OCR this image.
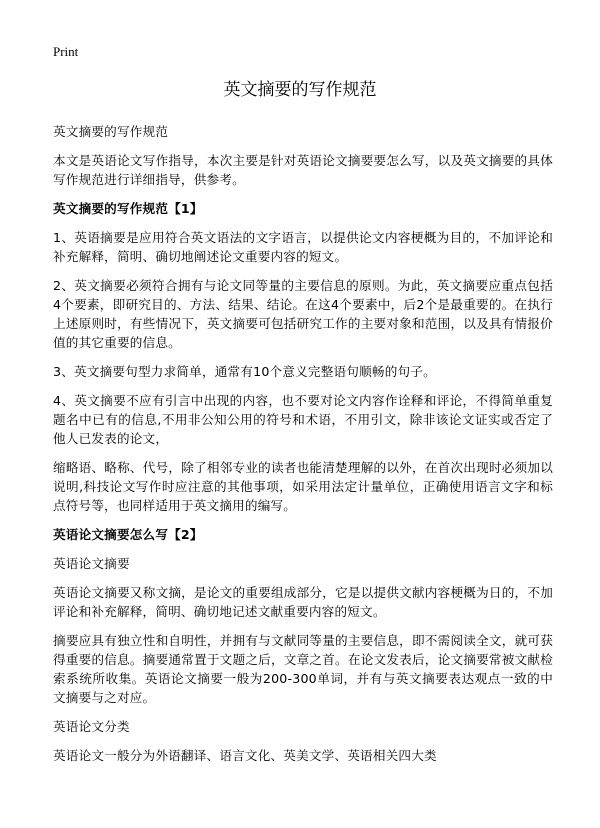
Print
英文摘要的写作规范

英文摘要的写作规范

本文是英语论文写作指导，本次主要是针对英语论文摘要要怎么写，以及英文摘要的具体写作规范进行详细指导，供参考。

英文摘要的写作规范【1】

1、英语摘要是应用符合英文语法的文字语言，以提供论文内容梗概为目的，不加评论和补充解释，简明、确切地阐述论文重要内容的短文。

2、英文摘要必须符合拥有与论文同等量的主要信息的原则。为此，英文摘要应重点包括4个要素，即研究目的、方法、结果、结论。在这4个要素中，后2个是最重要的。在执行上述原则时，有些情况下，英文摘要可包括研究工作的主要对象和范围，以及具有情报价值的其它重要的信息。

3、英文摘要句型力求简单，通常有10个意义完整语句顺畅的句子。

4、英文摘要不应有引言中出现的内容，也不要对论文内容作诠释和评论，不得简单重复题名中已有的信息,不用非公知公用的符号和术语，不用引文，除非该论文证实或否定了他人已发表的论文，

缩略语、略称、代号，除了相邻专业的读者也能清楚理解的以外，在首次出现时必须加以说明,科技论文写作时应注意的其他事项，如采用法定计量单位，正确使用语言文字和标点符号等，也同样适用于英文摘用的编写。

英语论文摘要怎么写【2】

英语论文摘要

英语论文摘要又称文摘，是论文的重要组成部分，它是以提供文献内容梗概为日的，不加评论和补充解释，简明、确切地记述文献重要内容的短文。

摘要应具有独立性和自明性，并拥有与文献同等量的主要信息，即不需阅读全文，就可获得重要的信息。摘要通常置于文题之后，文章之首。在论文发表后，论文摘要常被文献检索系统所收集。英语论文摘要一般为200-300单词，并有与英文摘要表达观点一致的中文摘要与之对应。

英语论文分类

英语论文一般分为外语翻译、语言文化、英美文学、英语相关四大类
